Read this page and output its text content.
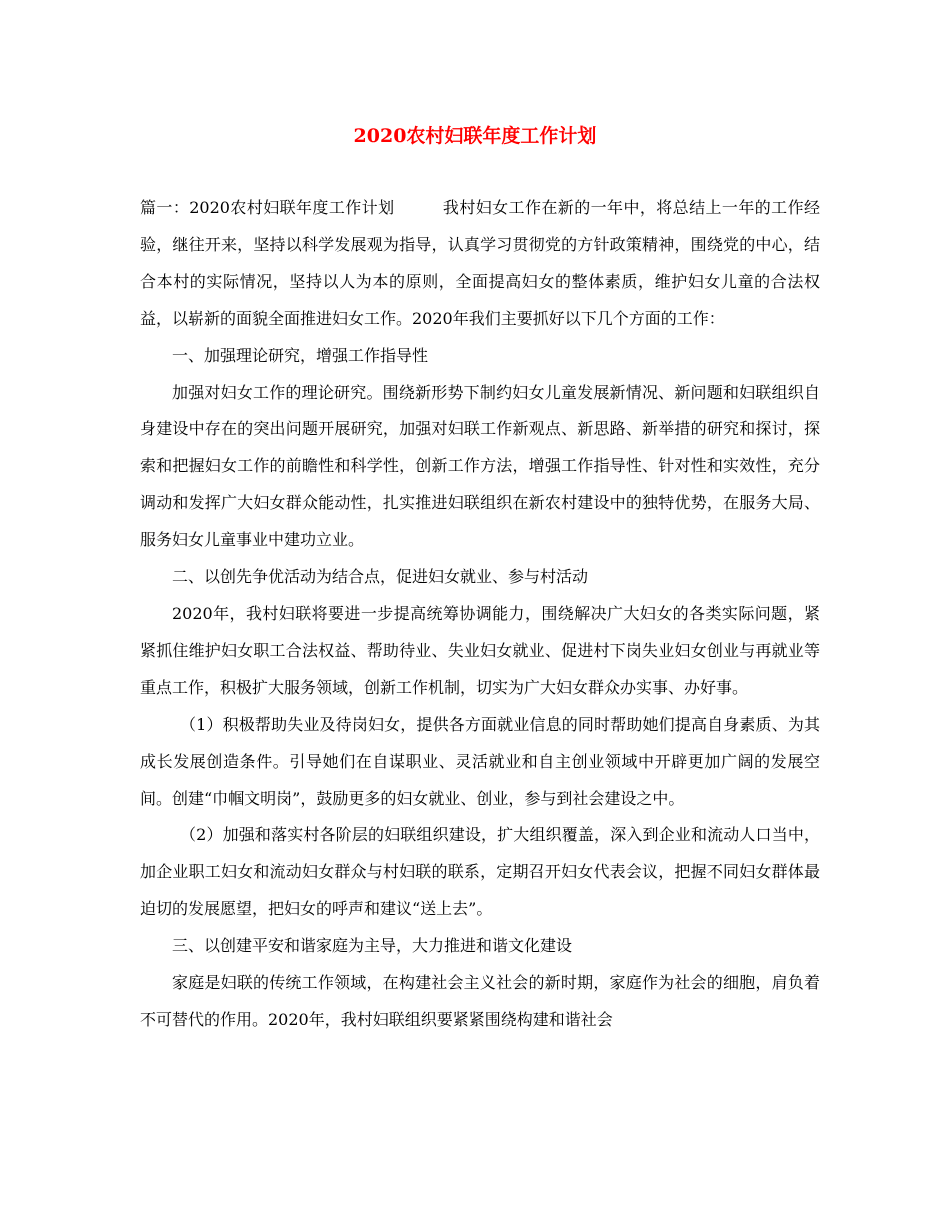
2020农村妇联年度工作计划

篇一：2020农村妇联年度工作计划	我村妇女工作在新的一年中，将总结上一年的工作经验，继往开来，坚持以科学发展观为指导，认真学习贯彻党的方针政策精神，围绕党的中心，结合本村的实际情况，坚持以人为本的原则，全面提高妇女的整体素质，维护妇女儿童的合法权益，以崭新的面貌全面推进妇女工作。2020年我们主要抓好以下几个方面的工作：

一、加强理论研究，增强工作指导性

加强对妇女工作的理论研究。围绕新形势下制约妇女儿童发展新情况、新问题和妇联组织自身建设中存在的突出问题开展研究，加强对妇联工作新观点、新思路、新举措的研究和探讨，探索和把握妇女工作的前瞻性和科学性，创新工作方法，增强工作指导性、针对性和实效性，充分调动和发挥广大妇女群众能动性，扎实推进妇联组织在新农村建设中的独特优势，在服务大局、服务妇女儿童事业中建功立业。

二、以创先争优活动为结合点，促进妇女就业、参与村活动

2020年，我村妇联将要进一步提高统筹协调能力，围绕解决广大妇女的各类实际问题，紧紧抓住维护妇女职工合法权益、帮助待业、失业妇女就业、促进村下岗失业妇女创业与再就业等重点工作，积极扩大服务领域，创新工作机制，切实为广大妇女群众办实事、办好事。

（1）积极帮助失业及待岗妇女，提供各方面就业信息的同时帮助她们提高自身素质、为其成长发展创造条件。引导她们在自谋职业、灵活就业和自主创业领域中开辟更加广阔的发展空间。创建“巾帼文明岗”，鼓励更多的妇女就业、创业，参与到社会建设之中。

（2）加强和落实村各阶层的妇联组织建设，扩大组织覆盖，深入到企业和流动人口当中，加企业职工妇女和流动妇女群众与村妇联的联系，定期召开妇女代表会议，把握不同妇女群体最迫切的发展愿望，把妇女的呼声和建议“送上去”。

三、以创建平安和谐家庭为主导，大力推进和谐文化建设

家庭是妇联的传统工作领域，在构建社会主义社会的新时期，家庭作为社会的细胞，肩负着不可替代的作用。2020年，我村妇联组织要紧紧围绕构建和谐社会
